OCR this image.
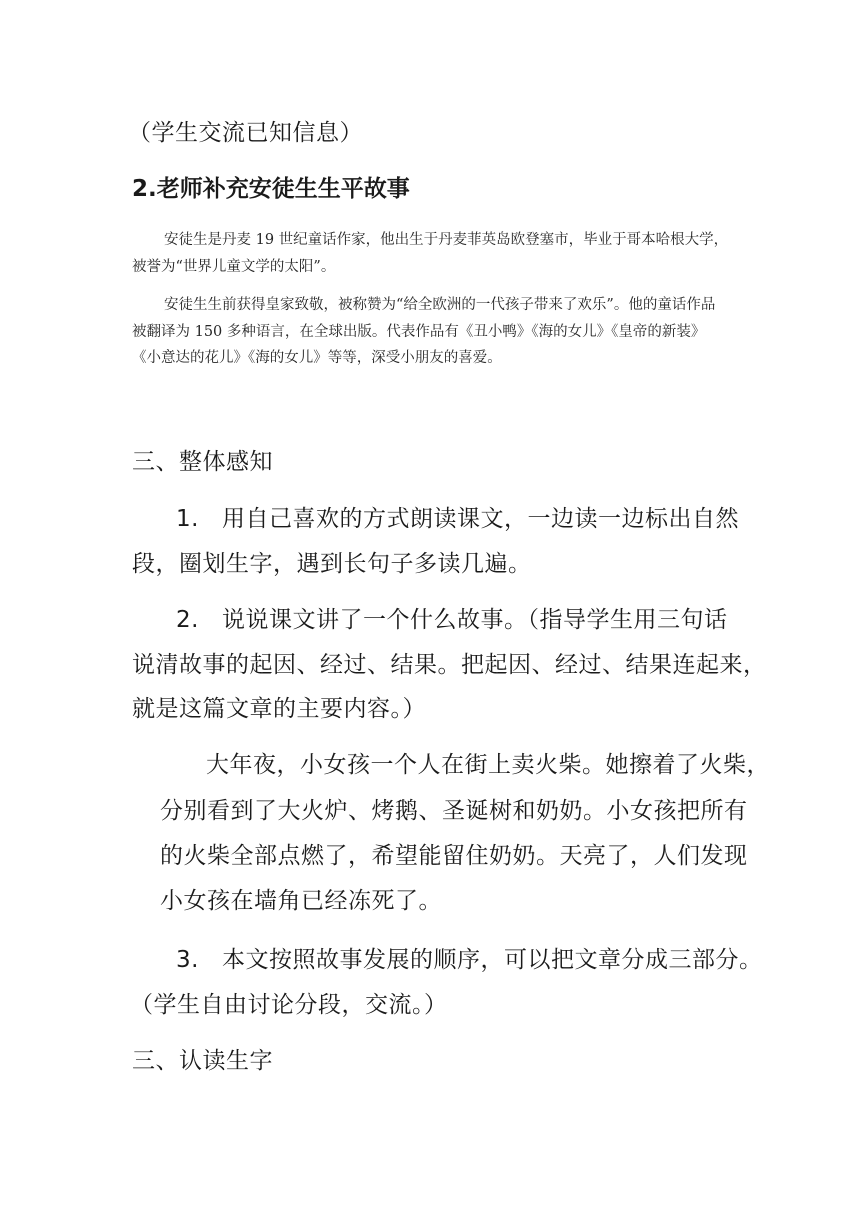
（学生交流已知信息）

2.老师补充安徒生生平故事

安徒生是丹麦 19 世纪童话作家，他出生于丹麦菲英岛欧登塞市，毕业于哥本哈根大学，

被誉为“世界儿童文学的太阳”。

安徒生生前获得皇家致敬，被称赞为“给全欧洲的一代孩子带来了欢乐”。他的童话作品

被翻译为 150 多种语言，在全球出版。代表作品有《丑小鸭》《海的女儿》《皇帝的新装》

《小意达的花儿》《海的女儿》等等，深受小朋友的喜爱。

三、整体感知

1. 用自己喜欢的方式朗读课文，一边读一边标出自然

段，圈划生字，遇到长句子多读几遍。

2. 说说课文讲了一个什么故事。（指导学生用三句话

说清故事的起因、经过、结果。把起因、经过、结果连起来，

就是这篇文章的主要内容。）

大年夜，小女孩一个人在街上卖火柴。她擦着了火柴，

分别看到了大火炉、烤鹅、圣诞树和奶奶。小女孩把所有

的火柴全部点燃了，希望能留住奶奶。天亮了，人们发现

小女孩在墙角已经冻死了。

3. 本文按照故事发展的顺序，可以把文章分成三部分。

（学生自由讨论分段，交流。）

三、认读生字
